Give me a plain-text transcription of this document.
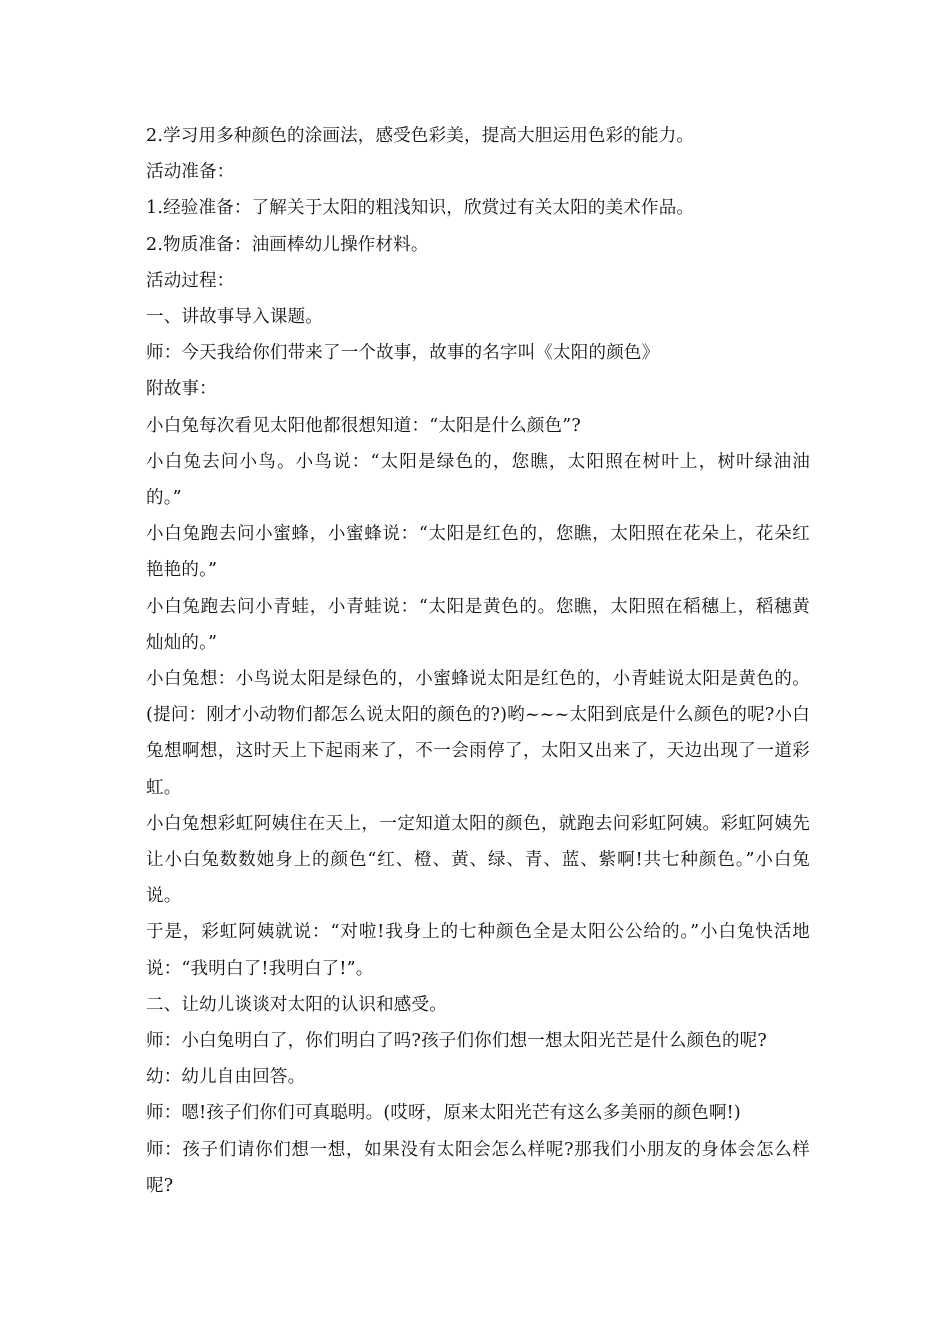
2.学习用多种颜色的涂画法，感受色彩美，提高大胆运用色彩的能力。

活动准备：

1.经验准备：了解关于太阳的粗浅知识，欣赏过有关太阳的美术作品。

2.物质准备：油画棒幼儿操作材料。

活动过程：

一、讲故事导入课题。

师：今天我给你们带来了一个故事，故事的名字叫《太阳的颜色》

附故事：

小白兔每次看见太阳他都很想知道：“太阳是什么颜色”?

小白兔去问小鸟。小鸟说：“太阳是绿色的，您瞧，太阳照在树叶上，树叶绿油油的。”

小白兔跑去问小蜜蜂，小蜜蜂说：“太阳是红色的，您瞧，太阳照在花朵上，花朵红艳艳的。”

小白兔跑去问小青蛙，小青蛙说：“太阳是黄色的。您瞧，太阳照在稻穗上，稻穗黄灿灿的。”

小白兔想：小鸟说太阳是绿色的，小蜜蜂说太阳是红色的，小青蛙说太阳是黄色的。(提问：刚才小动物们都怎么说太阳的颜色的?)哟~~~太阳到底是什么颜色的呢?小白兔想啊想，这时天上下起雨来了，不一会雨停了，太阳又出来了，天边出现了一道彩虹。

小白兔想彩虹阿姨住在天上，一定知道太阳的颜色，就跑去问彩虹阿姨。彩虹阿姨先让小白兔数数她身上的颜色“红、橙、黄、绿、青、蓝、紫啊!共七种颜色。”小白兔说。

于是，彩虹阿姨就说：“对啦!我身上的七种颜色全是太阳公公给的。”小白兔快活地说：“我明白了!我明白了!”。

二、让幼儿谈谈对太阳的认识和感受。

师：小白兔明白了，你们明白了吗?孩子们你们想一想太阳光芒是什么颜色的呢?

幼：幼儿自由回答。

师：嗯!孩子们你们可真聪明。(哎呀，原来太阳光芒有这么多美丽的颜色啊!)

师：孩子们请你们想一想，如果没有太阳会怎么样呢?那我们小朋友的身体会怎么样呢?
